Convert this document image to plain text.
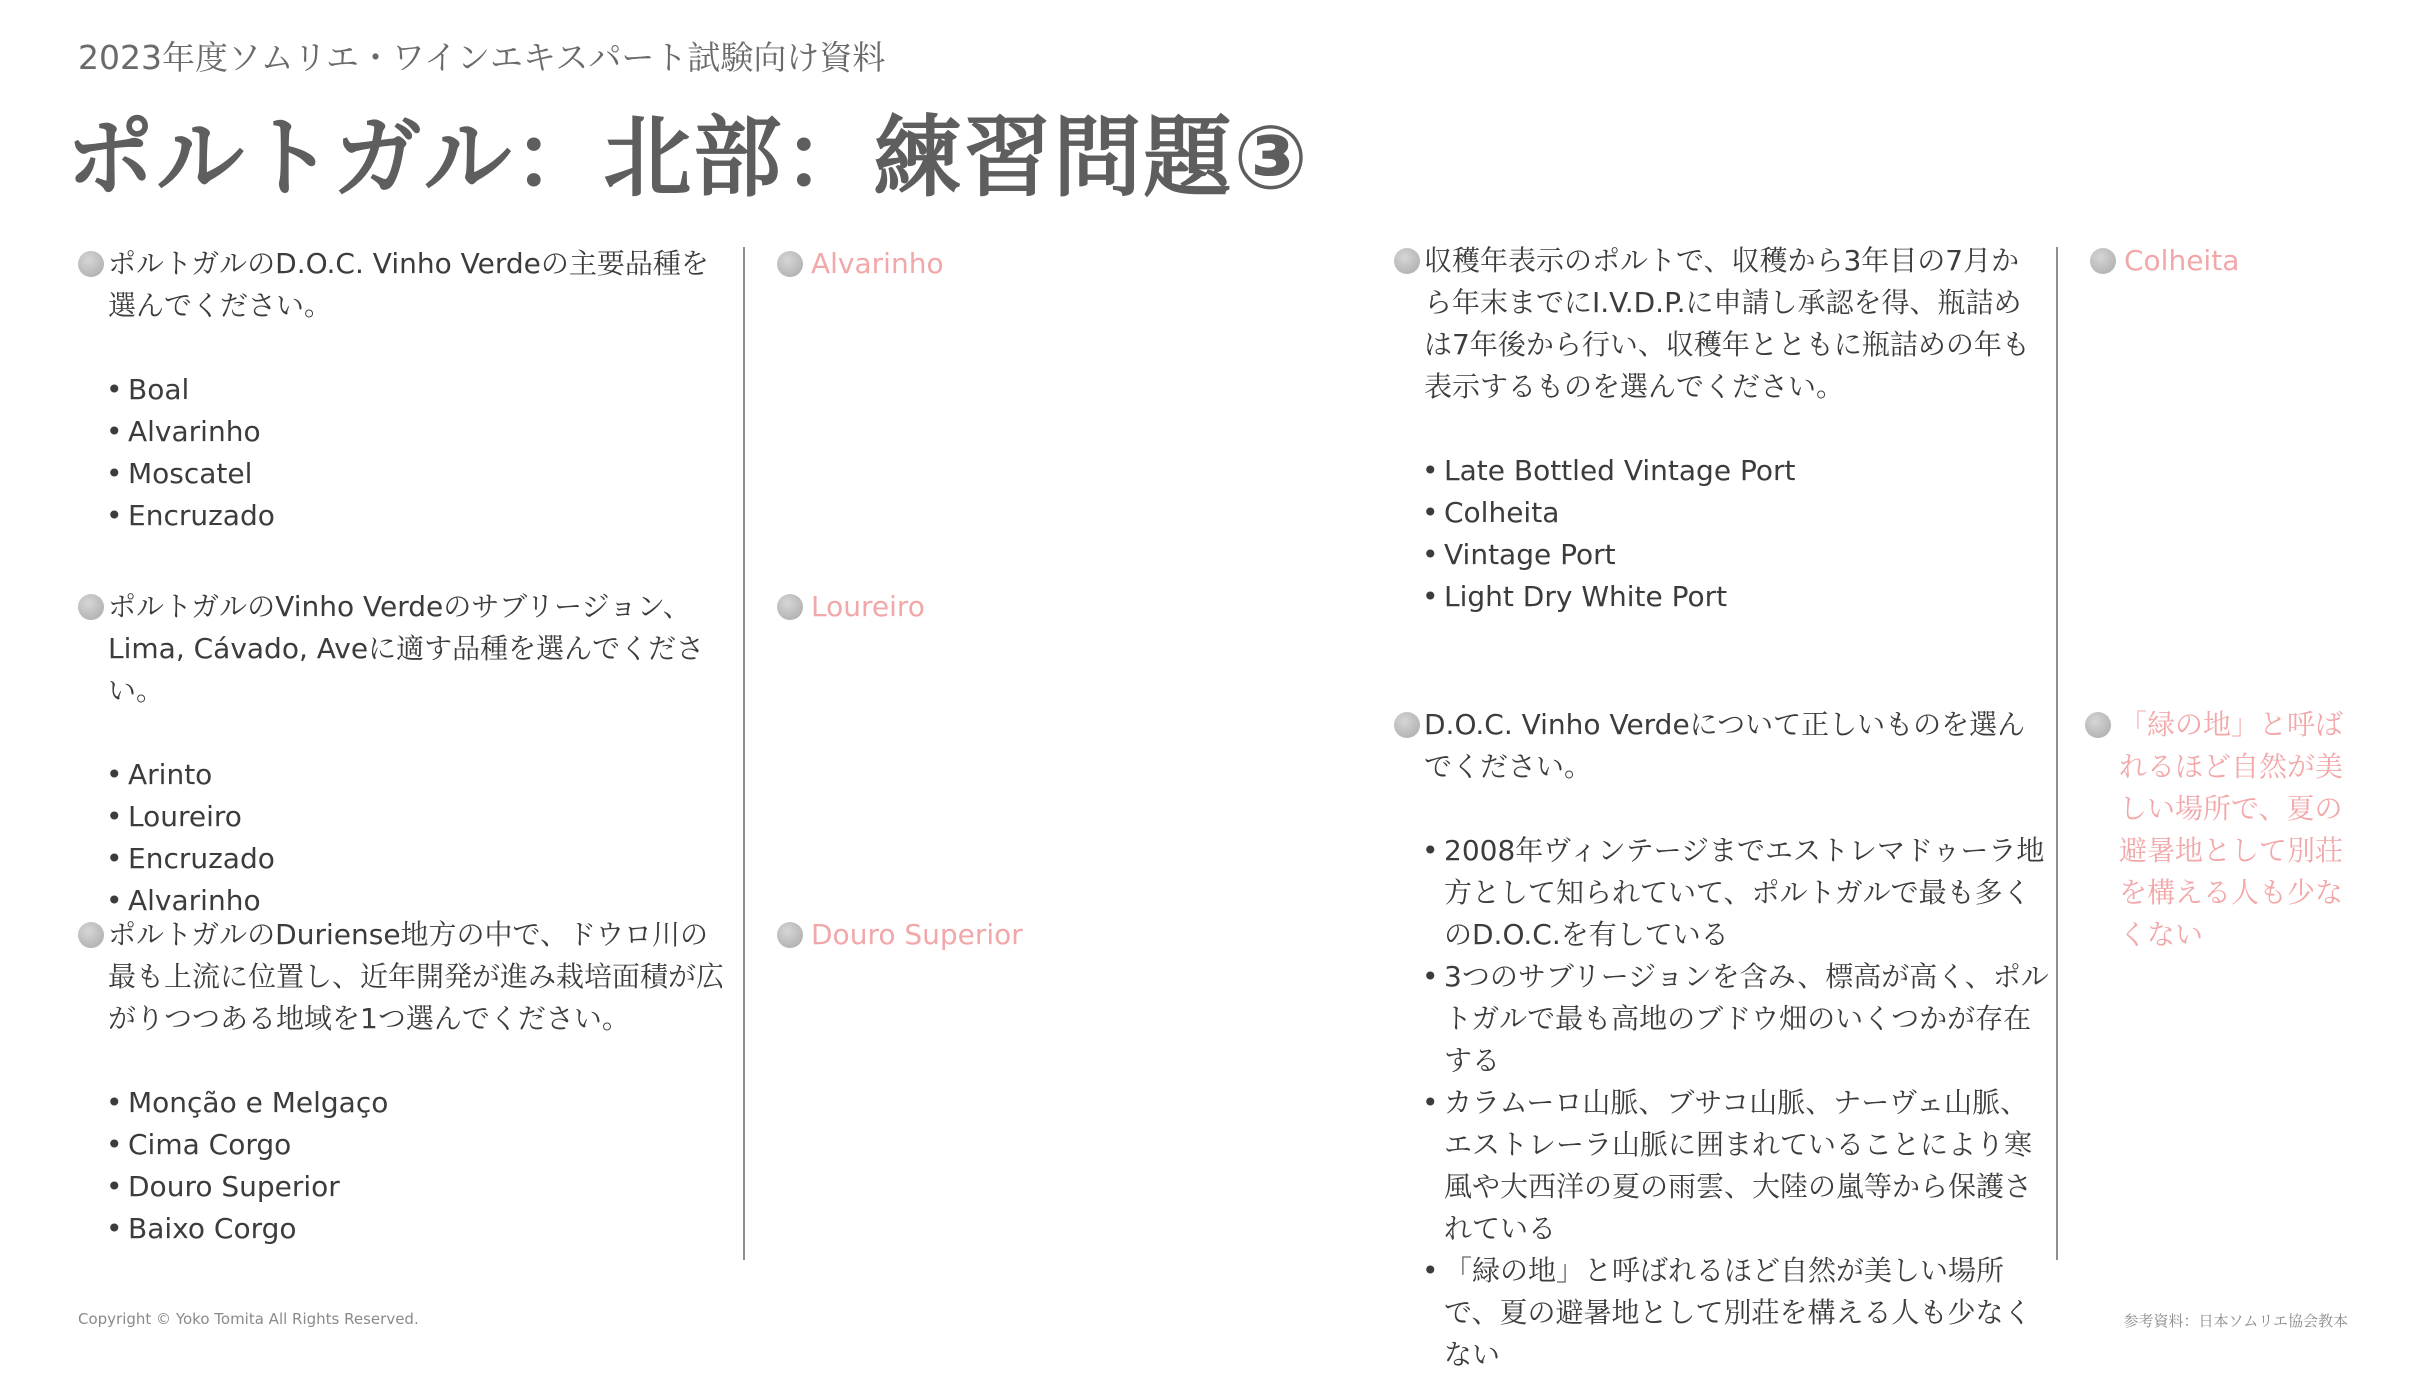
2023年度ソムリエ・ワインエキスパート試験向け資料
ポルトガル：北部：練習問題③
ポルトガルのD.O.C. Vinho Verdeの主要品種を選んでください。
• Boal
• Alvarinho
• Moscatel
• Encruzado
Alvarinho
ポルトガルのVinho Verdeのサブリージョン、Lima, Cávado, Aveに適す品種を選んでください。
• Arinto
• Loureiro
• Encruzado
• Alvarinho
Loureiro
ポルトガルのDuriense地方の中で、ドウロ川の最も上流に位置し、近年開発が進み栽培面積が広がりつつある地域を1つ選んでください。
• Monção e Melgaço
• Cima Corgo
• Douro Superior
• Baixo Corgo
Douro Superior
収穫年表示のポルトで、収穫から3年目の7月から年末までにI.V.D.P.に申請し承認を得、瓶詰めは7年後から行い、収穫年とともに瓶詰めの年も表示するものを選んでください。
• Late Bottled Vintage Port
• Colheita
• Vintage Port
• Light Dry White Port
Colheita
D.O.C. Vinho Verdeについて正しいものを選んでください。
• 2008年ヴィンテージまでエストレマドゥーラ地方として知られていて、ポルトガルで最も多くのD.O.C.を有している
• 3つのサブリージョンを含み、標高が高く、ポルトガルで最も高地のブドウ畑のいくつかが存在する
• カラムーロ山脈、ブサコ山脈、ナーヴェ山脈、エストレーラ山脈に囲まれていることにより寒風や大西洋の夏の雨雲、大陸の嵐等から保護されている
• 「緑の地」と呼ばれるほど自然が美しい場所で、夏の避暑地として別荘を構える人も少なくない
「緑の地」と呼ばれるほど自然が美しい場所で、夏の避暑地として別荘を構える人も少なくない
Copyright © Yoko Tomita All Rights Reserved.	参考資料：日本ソムリエ協会教本
